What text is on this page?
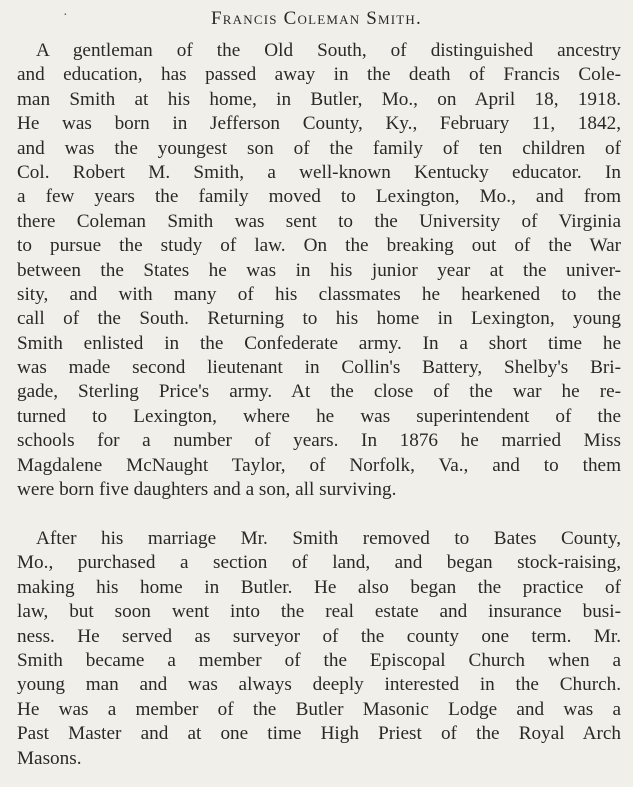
·	Francis Coleman Smith.
A gentleman of the Old South, of distinguished ancestry
and education, has passed away in the death of Francis Cole-
man Smith at his home, in Butler, Mo., on April 18, 1918.
He was born in Jefferson County, Ky., February 11, 1842,
and was the youngest son of the family of ten children of
Col. Robert M. Smith, a well-known Kentucky educator. In
a few years the family moved to Lexington, Mo., and from
there Coleman Smith was sent to the University of Virginia
to pursue the study of law. On the breaking out of the War
between the States he was in his junior year at the univer-
sity, and with many of his classmates he hearkened to the
call of the South. Returning to his home in Lexington, young
Smith enlisted in the Confederate army. In a short time he
was made second lieutenant in Collin's Battery, Shelby's Bri-
gade, Sterling Price's army. At the close of the war he re-
turned to Lexington, where he was superintendent of the
schools for a number of years. In 1876 he married Miss
Magdalene McNaught Taylor, of Norfolk, Va., and to them
were born five daughters and a son, all surviving.
After his marriage Mr. Smith removed to Bates County,
Mo., purchased a section of land, and began stock-raising,
making his home in Butler. He also began the practice of
law, but soon went into the real estate and insurance busi-
ness. He served as surveyor of the county one term. Mr.
Smith became a member of the Episcopal Church when a
young man and was always deeply interested in the Church.
He was a member of the Butler Masonic Lodge and was a
Past Master and at one time High Priest of the Royal Arch
Masons.
